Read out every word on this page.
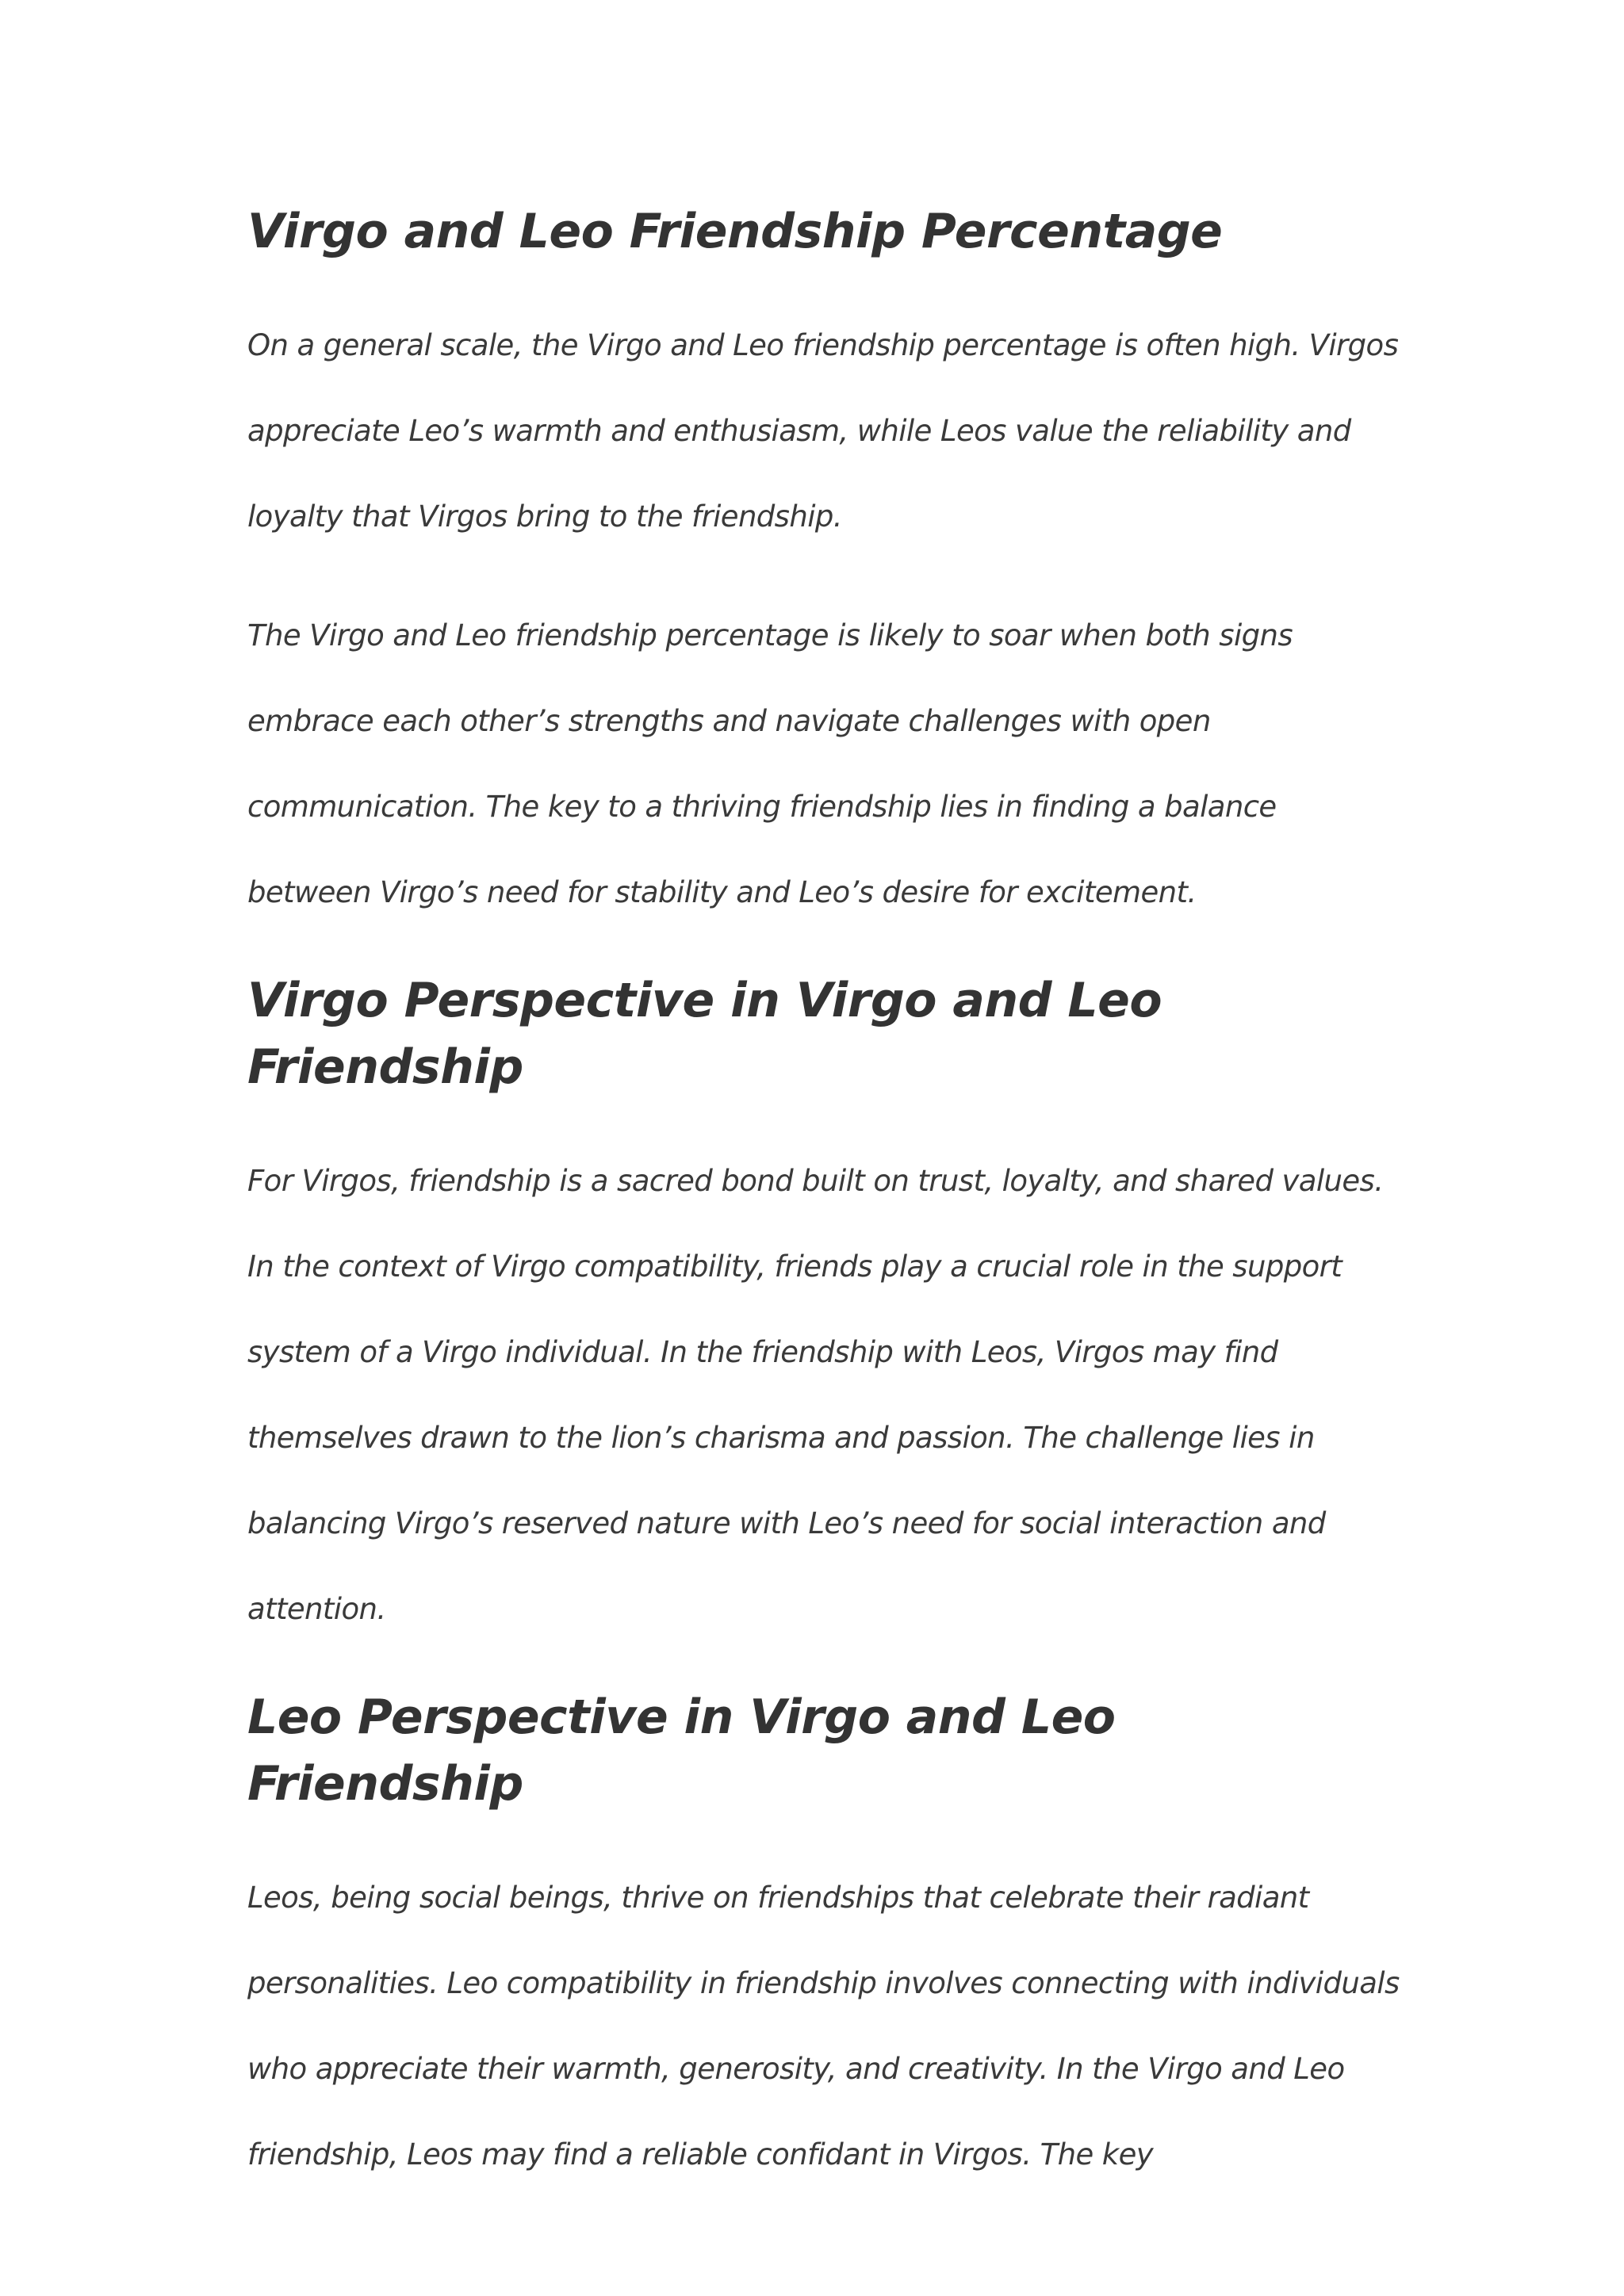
Virgo and Leo Friendship Percentage

On a general scale, the Virgo and Leo friendship percentage is often high. Virgos appreciate Leo’s warmth and enthusiasm, while Leos value the reliability and loyalty that Virgos bring to the friendship.

The Virgo and Leo friendship percentage is likely to soar when both signs embrace each other’s strengths and navigate challenges with open communication. The key to a thriving friendship lies in finding a balance between Virgo’s need for stability and Leo’s desire for excitement.

Virgo Perspective in Virgo and Leo Friendship

For Virgos, friendship is a sacred bond built on trust, loyalty, and shared values. In the context of Virgo compatibility, friends play a crucial role in the support system of a Virgo individual. In the friendship with Leos, Virgos may find themselves drawn to the lion’s charisma and passion. The challenge lies in balancing Virgo’s reserved nature with Leo’s need for social interaction and attention.

Leo Perspective in Virgo and Leo Friendship

Leos, being social beings, thrive on friendships that celebrate their radiant personalities. Leo compatibility in friendship involves connecting with individuals who appreciate their warmth, generosity, and creativity. In the Virgo and Leo friendship, Leos may find a reliable confidant in Virgos. The key
